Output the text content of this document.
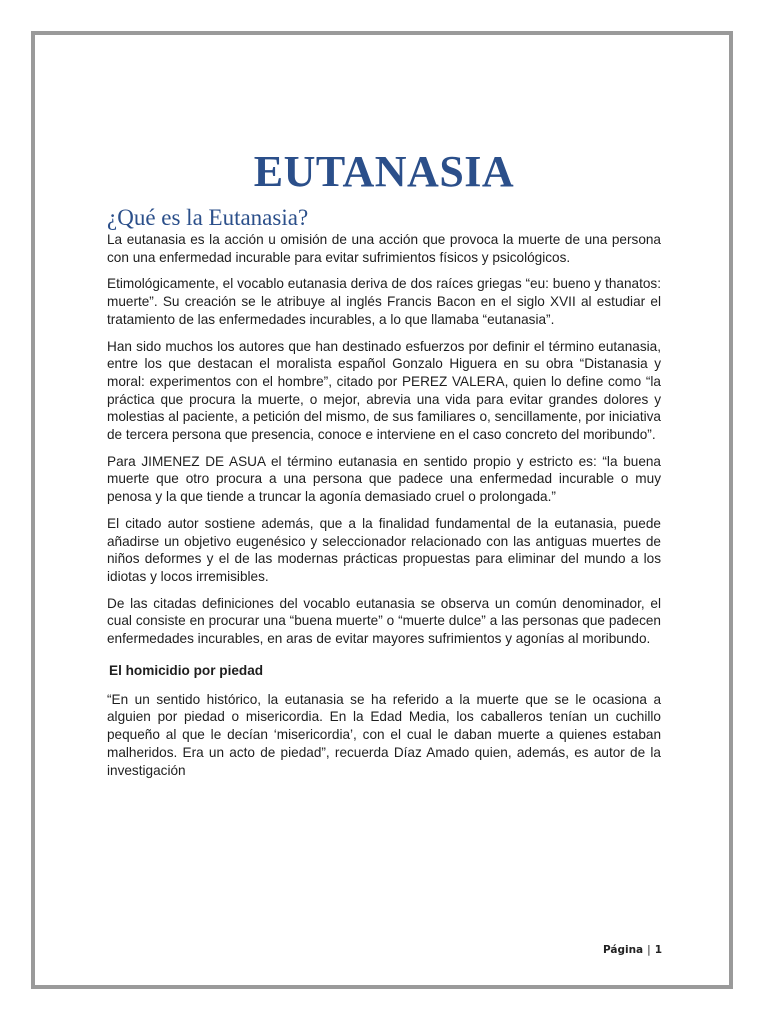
EUTANASIA
¿Qué es la Eutanasia?

La eutanasia es la acción u omisión de una acción que provoca la muerte de una persona con una enfermedad incurable para evitar sufrimientos físicos y psicológicos.

Etimológicamente, el vocablo eutanasia deriva de dos raíces griegas “eu: bueno y thanatos: muerte”. Su creación se le atribuye al inglés Francis Bacon en el siglo XVII al estudiar el tratamiento de las enfermedades incurables, a lo que llamaba “eutanasia”.

Han sido muchos los autores que han destinado esfuerzos por definir el término eutanasia, entre los que destacan el moralista español Gonzalo Higuera en su obra “Distanasia y moral: experimentos con el hombre”, citado por PEREZ VALERA, quien lo define como “la práctica que procura la muerte, o mejor, abrevia una vida para evitar grandes dolores y molestias al paciente, a petición del mismo, de sus familiares o, sencillamente, por iniciativa de tercera persona que presencia, conoce e interviene en el caso concreto del moribundo”.

Para JIMENEZ DE ASUA el término eutanasia en sentido propio y estricto es: “la buena muerte que otro procura a una persona que padece una enfermedad incurable o muy penosa y la que tiende a truncar la agonía demasiado cruel o prolongada.”

El citado autor sostiene además, que a la finalidad fundamental de la eutanasia, puede añadirse un objetivo eugenésico y seleccionador relacionado con las antiguas muertes de niños deformes y el de las modernas prácticas propuestas para eliminar del mundo a los idiotas y locos irremisibles.

De las citadas definiciones del vocablo eutanasia se observa un común denominador, el cual consiste en procurar una “buena muerte” o “muerte dulce” a las personas que padecen enfermedades incurables, en aras de evitar mayores sufrimientos y agonías al moribundo.

El homicidio por piedad

“En un sentido histórico, la eutanasia se ha referido a la muerte que se le ocasiona a alguien por piedad o misericordia. En la Edad Media, los caballeros tenían un cuchillo pequeño al que le decían ‘misericordia’, con el cual le daban muerte a quienes estaban malheridos. Era un acto de piedad”, recuerda Díaz Amado quien, además, es autor de la investigación

Página | 1
